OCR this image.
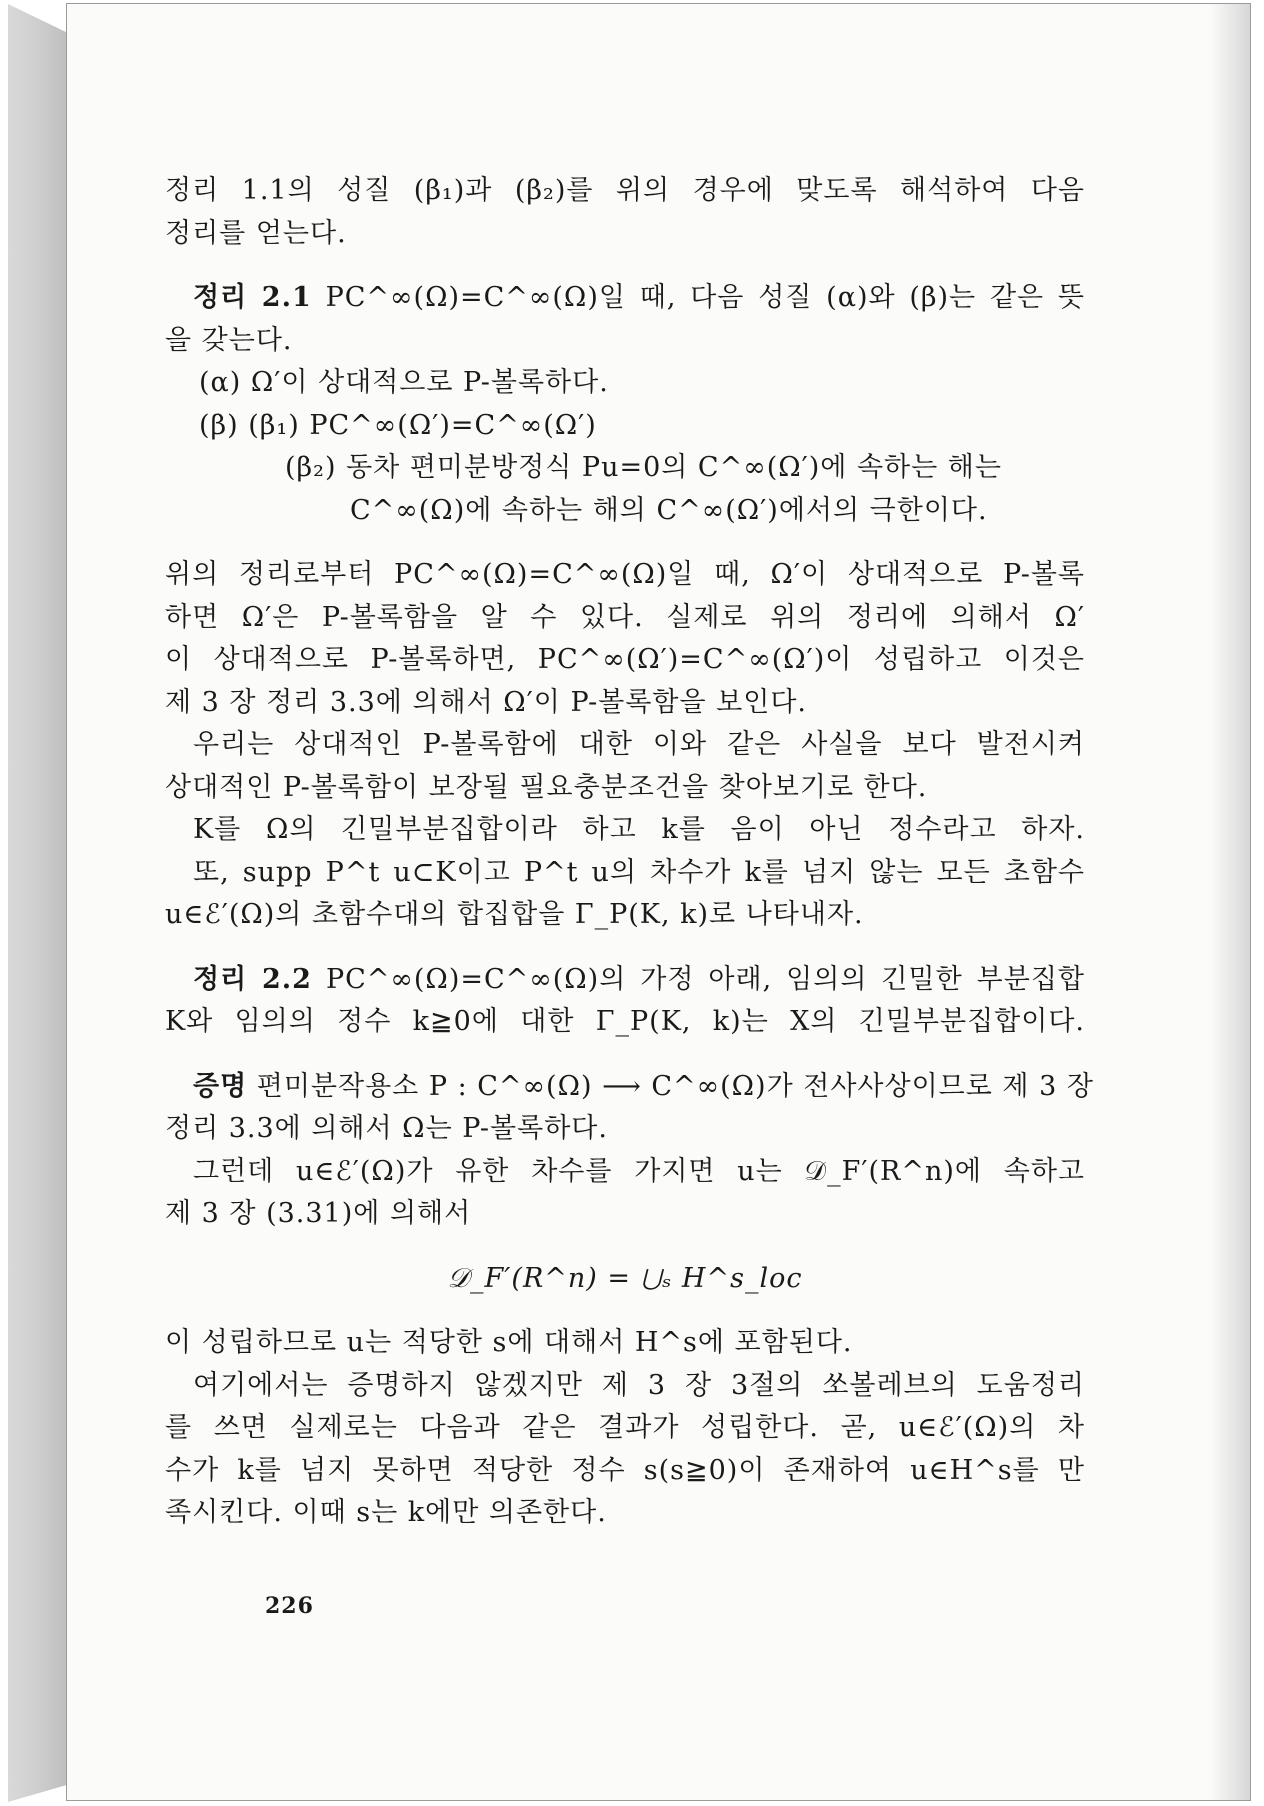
정리 1.1의 성질 (β₁)과 (β₂)를 위의 경우에 맞도록 해석하여 다음
정리를 얻는다.
정리 2.1 PC^∞(Ω)=C^∞(Ω)일 때, 다음 성질 (α)와 (β)는 같은 뜻
을 갖는다.
(α) Ω′이 상대적으로 P-볼록하다.
(β) (β₁) PC^∞(Ω′)=C^∞(Ω′)
(β₂) 동차 편미분방정식 Pu=0의 C^∞(Ω′)에 속하는 해는
C^∞(Ω)에 속하는 해의 C^∞(Ω′)에서의 극한이다.
위의 정리로부터 PC^∞(Ω)=C^∞(Ω)일 때, Ω′이 상대적으로 P-볼록
하면 Ω′은 P-볼록함을 알 수 있다. 실제로 위의 정리에 의해서 Ω′
이 상대적으로 P-볼록하면, PC^∞(Ω′)=C^∞(Ω′)이 성립하고 이것은
제 3 장 정리 3.3에 의해서 Ω′이 P-볼록함을 보인다.
우리는 상대적인 P-볼록함에 대한 이와 같은 사실을 보다 발전시켜
상대적인 P-볼록함이 보장될 필요충분조건을 찾아보기로 한다.
K를 Ω의 긴밀부분집합이라 하고 k를 음이 아닌 정수라고 하자.
또, supp P^t u⊂K이고 P^t u의 차수가 k를 넘지 않는 모든 초함수
u∈ℰ′(Ω)의 초함수대의 합집합을 Γ_P(K, k)로 나타내자.
정리 2.2 PC^∞(Ω)=C^∞(Ω)의 가정 아래, 임의의 긴밀한 부분집합
K와 임의의 정수 k≧0에 대한 Γ_P(K, k)는 X의 긴밀부분집합이다.
증명 편미분작용소 P : C^∞(Ω) ⟶ C^∞(Ω)가 전사사상이므로 제 3 장
정리 3.3에 의해서 Ω는 P-볼록하다.
그런데 u∈ℰ′(Ω)가 유한 차수를 가지면 u는 𝒟_F′(R^n)에 속하고
제 3 장 (3.31)에 의해서
𝒟_F′(R^n) = ⋃ₛ H^s_loc
이 성립하므로 u는 적당한 s에 대해서 H^s에 포함된다.
여기에서는 증명하지 않겠지만 제 3 장 3절의 쏘볼레브의 도움정리
를 쓰면 실제로는 다음과 같은 결과가 성립한다. 곧, u∈ℰ′(Ω)의 차
수가 k를 넘지 못하면 적당한 정수 s(s≧0)이 존재하여 u∈H^s를 만
족시킨다. 이때 s는 k에만 의존한다.
226
